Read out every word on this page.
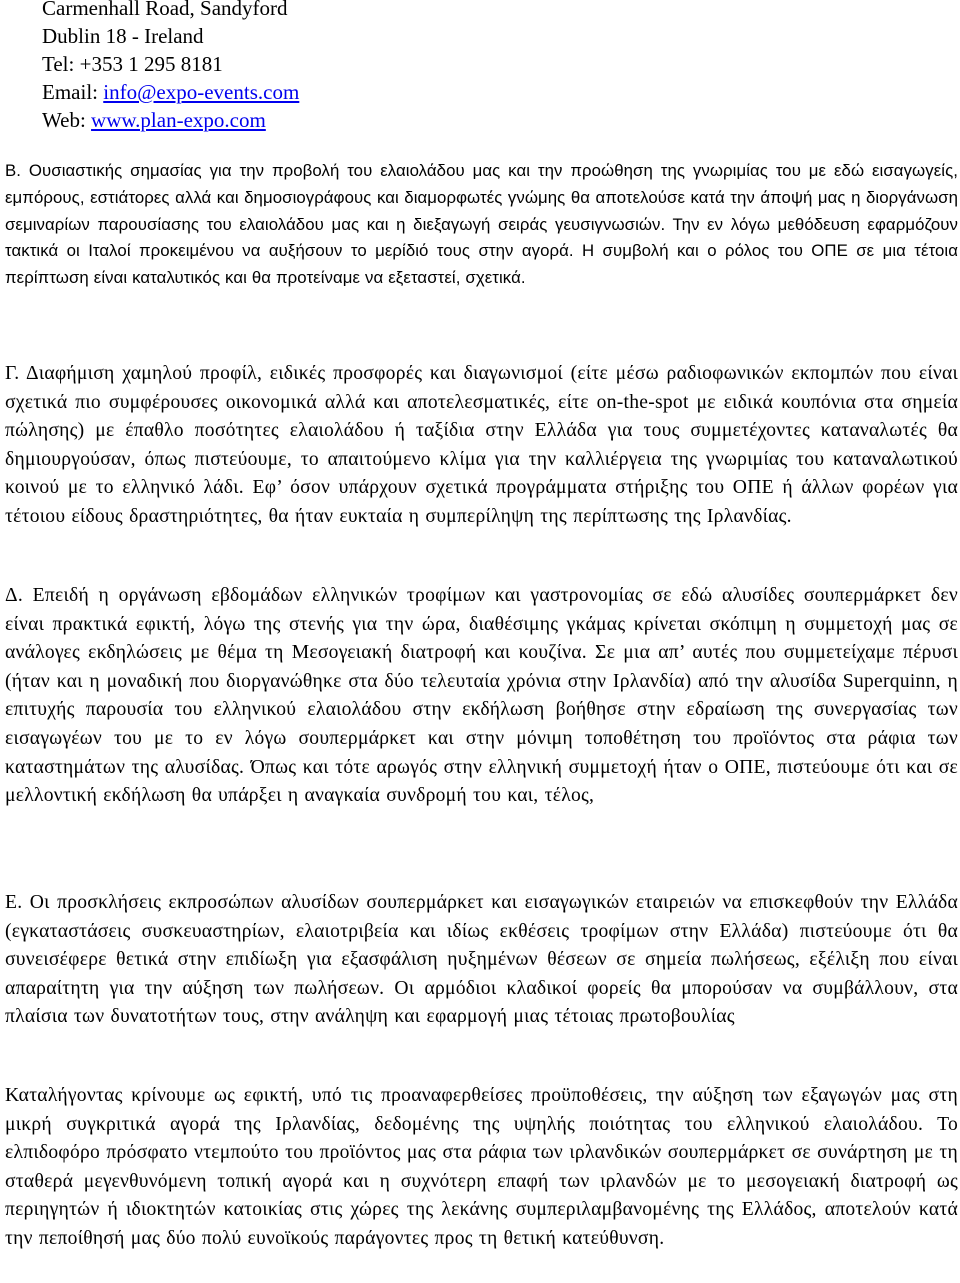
Carmenhall Road, Sandyford
Dublin 18 - Ireland
Tel: +353 1 295 8181
Email: info@expo-events.com
Web: www.plan-expo.com

Β. Ουσιαστικής σημασίας για την προβολή του ελαιολάδου μας και την προώθηση της γνωριμίας του με εδώ εισαγωγείς, εμπόρους, εστιάτορες αλλά και δημοσιογράφους και διαμορφωτές γνώμης θα αποτελούσε κατά την άποψή μας η διοργάνωση σεμιναρίων παρουσίασης του ελαιολάδου μας και η διεξαγωγή σειράς γευσιγνωσιών. Την εν λόγω μεθόδευση εφαρμόζουν τακτικά οι Ιταλοί προκειμένου να αυξήσουν το μερίδιό τους στην αγορά. Η συμβολή και ο ρόλος του ΟΠΕ σε μια τέτοια περίπτωση είναι καταλυτικός και θα προτείναμε να εξεταστεί, σχετικά.

Γ. Διαφήμιση χαμηλού προφίλ, ειδικές προσφορές και διαγωνισμοί (είτε μέσω ραδιοφωνικών εκπομπών που είναι σχετικά πιο συμφέρουσες οικονομικά αλλά και αποτελεσματικές, είτε on-the-spot με ειδικά κουπόνια στα σημεία πώλησης) με έπαθλο ποσότητες ελαιολάδου ή ταξίδια στην Ελλάδα για τους συμμετέχοντες καταναλωτές θα δημιουργούσαν, όπως πιστεύουμε, το απαιτούμενο κλίμα για την καλλιέργεια της γνωριμίας του καταναλωτικού κοινού με το ελληνικό λάδι. Εφ’ όσον υπάρχουν σχετικά προγράμματα στήριξης του ΟΠΕ ή άλλων φορέων για τέτοιου είδους δραστηριότητες, θα ήταν ευκταία η συμπερίληψη της περίπτωσης της Ιρλανδίας.

Δ. Επειδή η οργάνωση εβδομάδων ελληνικών τροφίμων και γαστρονομίας σε εδώ αλυσίδες σουπερμάρκετ δεν είναι πρακτικά εφικτή, λόγω της στενής για την ώρα, διαθέσιμης γκάμας κρίνεται σκόπιμη η συμμετοχή μας σε ανάλογες εκδηλώσεις με θέμα τη Μεσογειακή διατροφή και κουζίνα. Σε μια απ’ αυτές που συμμετείχαμε πέρυσι (ήταν και η μοναδική που διοργανώθηκε στα δύο τελευταία χρόνια στην Ιρλανδία) από την αλυσίδα Superquinn, η επιτυχής παρουσία του ελληνικού ελαιολάδου στην εκδήλωση βοήθησε στην εδραίωση της συνεργασίας των εισαγωγέων του με το εν λόγω σουπερμάρκετ και στην μόνιμη τοποθέτηση του προϊόντος στα ράφια των καταστημάτων της αλυσίδας. Όπως και τότε αρωγός στην ελληνική συμμετοχή ήταν ο ΟΠΕ, πιστεύουμε ότι και σε μελλοντική εκδήλωση θα υπάρξει η αναγκαία συνδρομή του και, τέλος,

Ε. Οι προσκλήσεις εκπροσώπων αλυσίδων σουπερμάρκετ και εισαγωγικών εταιρειών να επισκεφθούν την Ελλάδα (εγκαταστάσεις συσκευαστηρίων, ελαιοτριβεία και ιδίως εκθέσεις τροφίμων στην Ελλάδα) πιστεύουμε ότι θα συνεισέφερε θετικά στην επιδίωξη για εξασφάλιση ηυξημένων θέσεων σε σημεία πωλήσεως, εξέλιξη που είναι απαραίτητη για την αύξηση των πωλήσεων. Οι αρμόδιοι κλαδικοί φορείς θα μπορούσαν να συμβάλλουν, στα πλαίσια των δυνατοτήτων τους, στην ανάληψη και εφαρμογή μιας τέτοιας πρωτοβουλίας

Καταλήγοντας κρίνουμε ως εφικτή, υπό τις προαναφερθείσες προϋποθέσεις, την αύξηση των εξαγωγών μας στη μικρή συγκριτικά αγορά της Ιρλανδίας, δεδομένης της υψηλής ποιότητας του ελληνικού ελαιολάδου. Το ελπιδοφόρο πρόσφατο ντεμπούτο του προϊόντος μας στα ράφια των ιρλανδικών σουπερμάρκετ σε συνάρτηση με τη σταθερά μεγενθυνόμενη τοπική αγορά και η συχνότερη επαφή των ιρλανδών με το μεσογειακή διατροφή ως περιηγητών ή ιδιοκτητών κατοικίας στις χώρες της λεκάνης συμπεριλαμβανομένης της Ελλάδος, αποτελούν κατά την πεποίθησή μας δύο πολύ ευνοϊκούς παράγοντες προς τη θετική κατεύθυνση.
